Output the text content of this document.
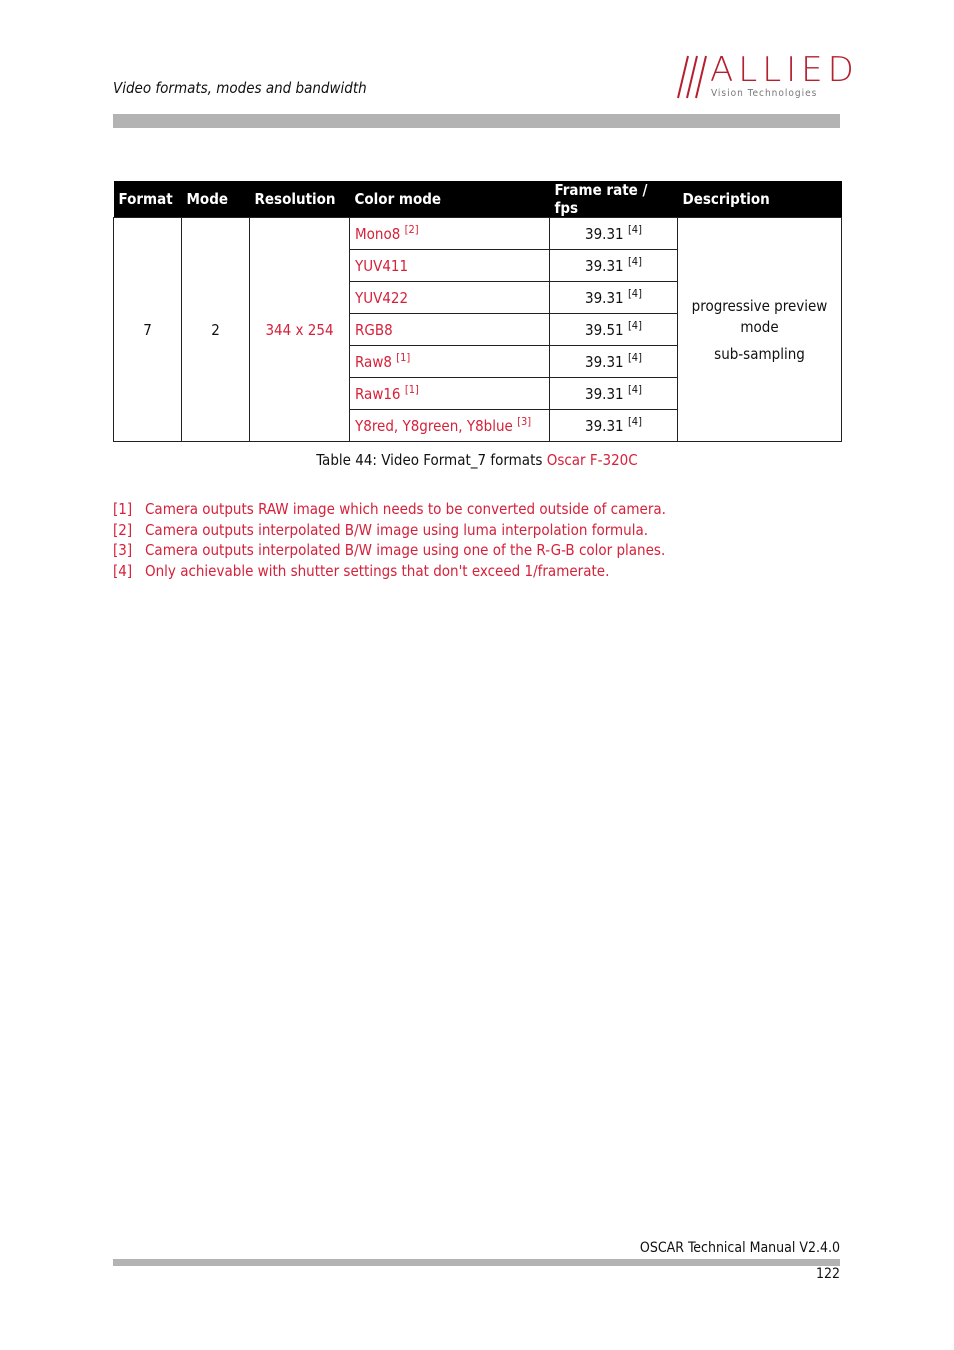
Video formats, modes and bandwidth	ALLIED
Vision Technologies
Format	Mode	Resolution	Color mode	Frame rate / fps	Description
7	2	344 x 254	Mono8 [2]	39.31 [4]	progressive preview mode
sub-sampling

			YUV411	39.31 [4]
			YUV422	39.31 [4]
			RGB8	39.51 [4]
			Raw8 [1]	39.31 [4]
			Raw16 [1]	39.31 [4]
			Y8red, Y8green, Y8blue [3]	39.31 [4]
Table 44: Video Format_7 formats Oscar F-320C
[1] Camera outputs RAW image which needs to be converted outside of camera.
[2] Camera outputs interpolated B/W image using luma interpolation formula.
[3] Camera outputs interpolated B/W image using one of the R-G-B color planes.
[4] Only achievable with shutter settings that don't exceed 1/framerate.
OSCAR Technical Manual V2.4.0
122
